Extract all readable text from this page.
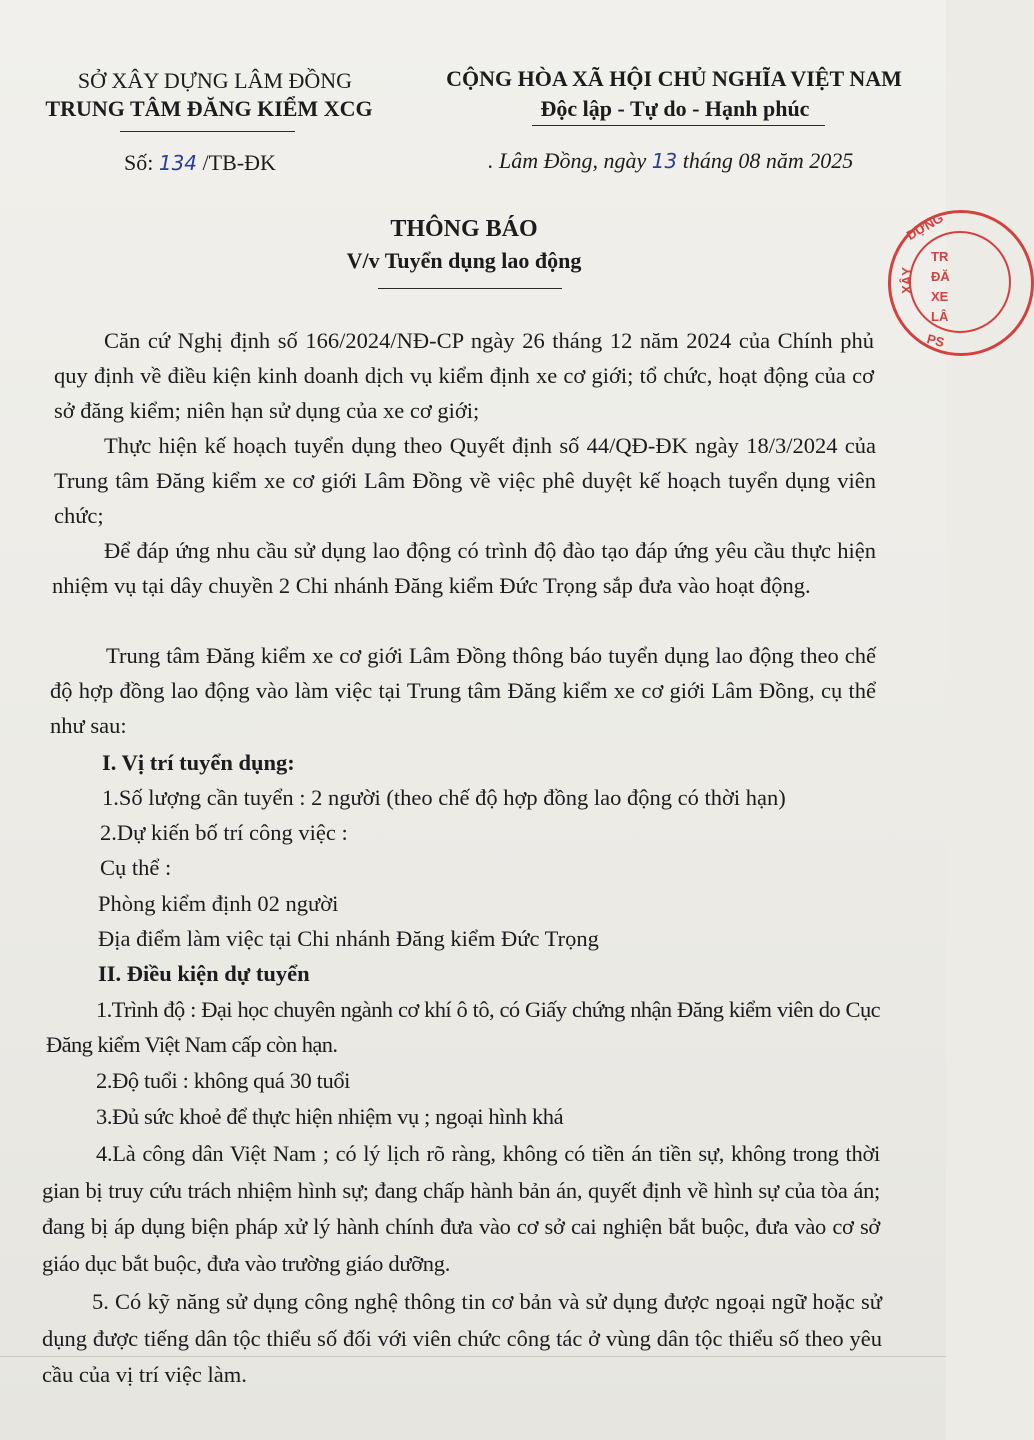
SỞ XÂY DỰNG LÂM ĐỒNG
TRUNG TÂM ĐĂNG KIỂM XCG
CỘNG HÒA XÃ HỘI CHỦ NGHĨA VIỆT NAM
Độc lập - Tự do - Hạnh phúc
Số: 134 /TB-ĐK	. Lâm Đồng, ngày 13 tháng 08 năm 2025
THÔNG BÁO
V/v Tuyển dụng lao động
DỰNG
XÂY
TR
ĐĂ
XE
LÂ
PS
Căn cứ Nghị định số 166/2024/NĐ-CP ngày 26 tháng 12 năm 2024 của Chính phủ quy định về điều kiện kinh doanh dịch vụ kiểm định xe cơ giới; tổ chức, hoạt động của cơ sở đăng kiểm; niên hạn sử dụng của xe cơ giới;
Thực hiện kế hoạch tuyển dụng theo Quyết định số 44/QĐ-ĐK ngày 18/3/2024 của Trung tâm Đăng kiểm xe cơ giới Lâm Đồng về việc phê duyệt kế hoạch tuyển dụng viên chức;
Để đáp ứng nhu cầu sử dụng lao động có trình độ đào tạo đáp ứng yêu cầu thực hiện nhiệm vụ tại dây chuyền 2 Chi nhánh Đăng kiểm Đức Trọng sắp đưa vào hoạt động.
Trung tâm Đăng kiểm xe cơ giới Lâm Đồng thông báo tuyển dụng lao động theo chế độ hợp đồng lao động vào làm việc tại Trung tâm Đăng kiểm xe cơ giới Lâm Đồng, cụ thể như sau:
I. Vị trí tuyển dụng:
1.Số lượng cần tuyển : 2 người (theo chế độ hợp đồng lao động có thời hạn)
2.Dự kiến bố trí công việc :
Cụ thể :
Phòng kiểm định 02 người
Địa điểm làm việc tại Chi nhánh Đăng kiểm Đức Trọng
II. Điều kiện dự tuyển
1.Trình độ : Đại học chuyên ngành cơ khí ô tô, có Giấy chứng nhận Đăng kiểm viên do Cục Đăng kiểm Việt Nam cấp còn hạn.
2.Độ tuổi : không quá 30 tuổi
3.Đủ sức khoẻ để thực hiện nhiệm vụ ; ngoại hình khá
4.Là công dân Việt Nam ; có lý lịch rõ ràng, không có tiền án tiền sự, không trong thời gian bị truy cứu trách nhiệm hình sự; đang chấp hành bản án, quyết định về hình sự của tòa án; đang bị áp dụng biện pháp xử lý hành chính đưa vào cơ sở cai nghiện bắt buộc, đưa vào cơ sở giáo dục bắt buộc, đưa vào trường giáo dưỡng.
5. Có kỹ năng sử dụng công nghệ thông tin cơ bản và sử dụng được ngoại ngữ hoặc sử dụng được tiếng dân tộc thiểu số đối với viên chức công tác ở vùng dân tộc thiểu số theo yêu cầu của vị trí việc làm.
